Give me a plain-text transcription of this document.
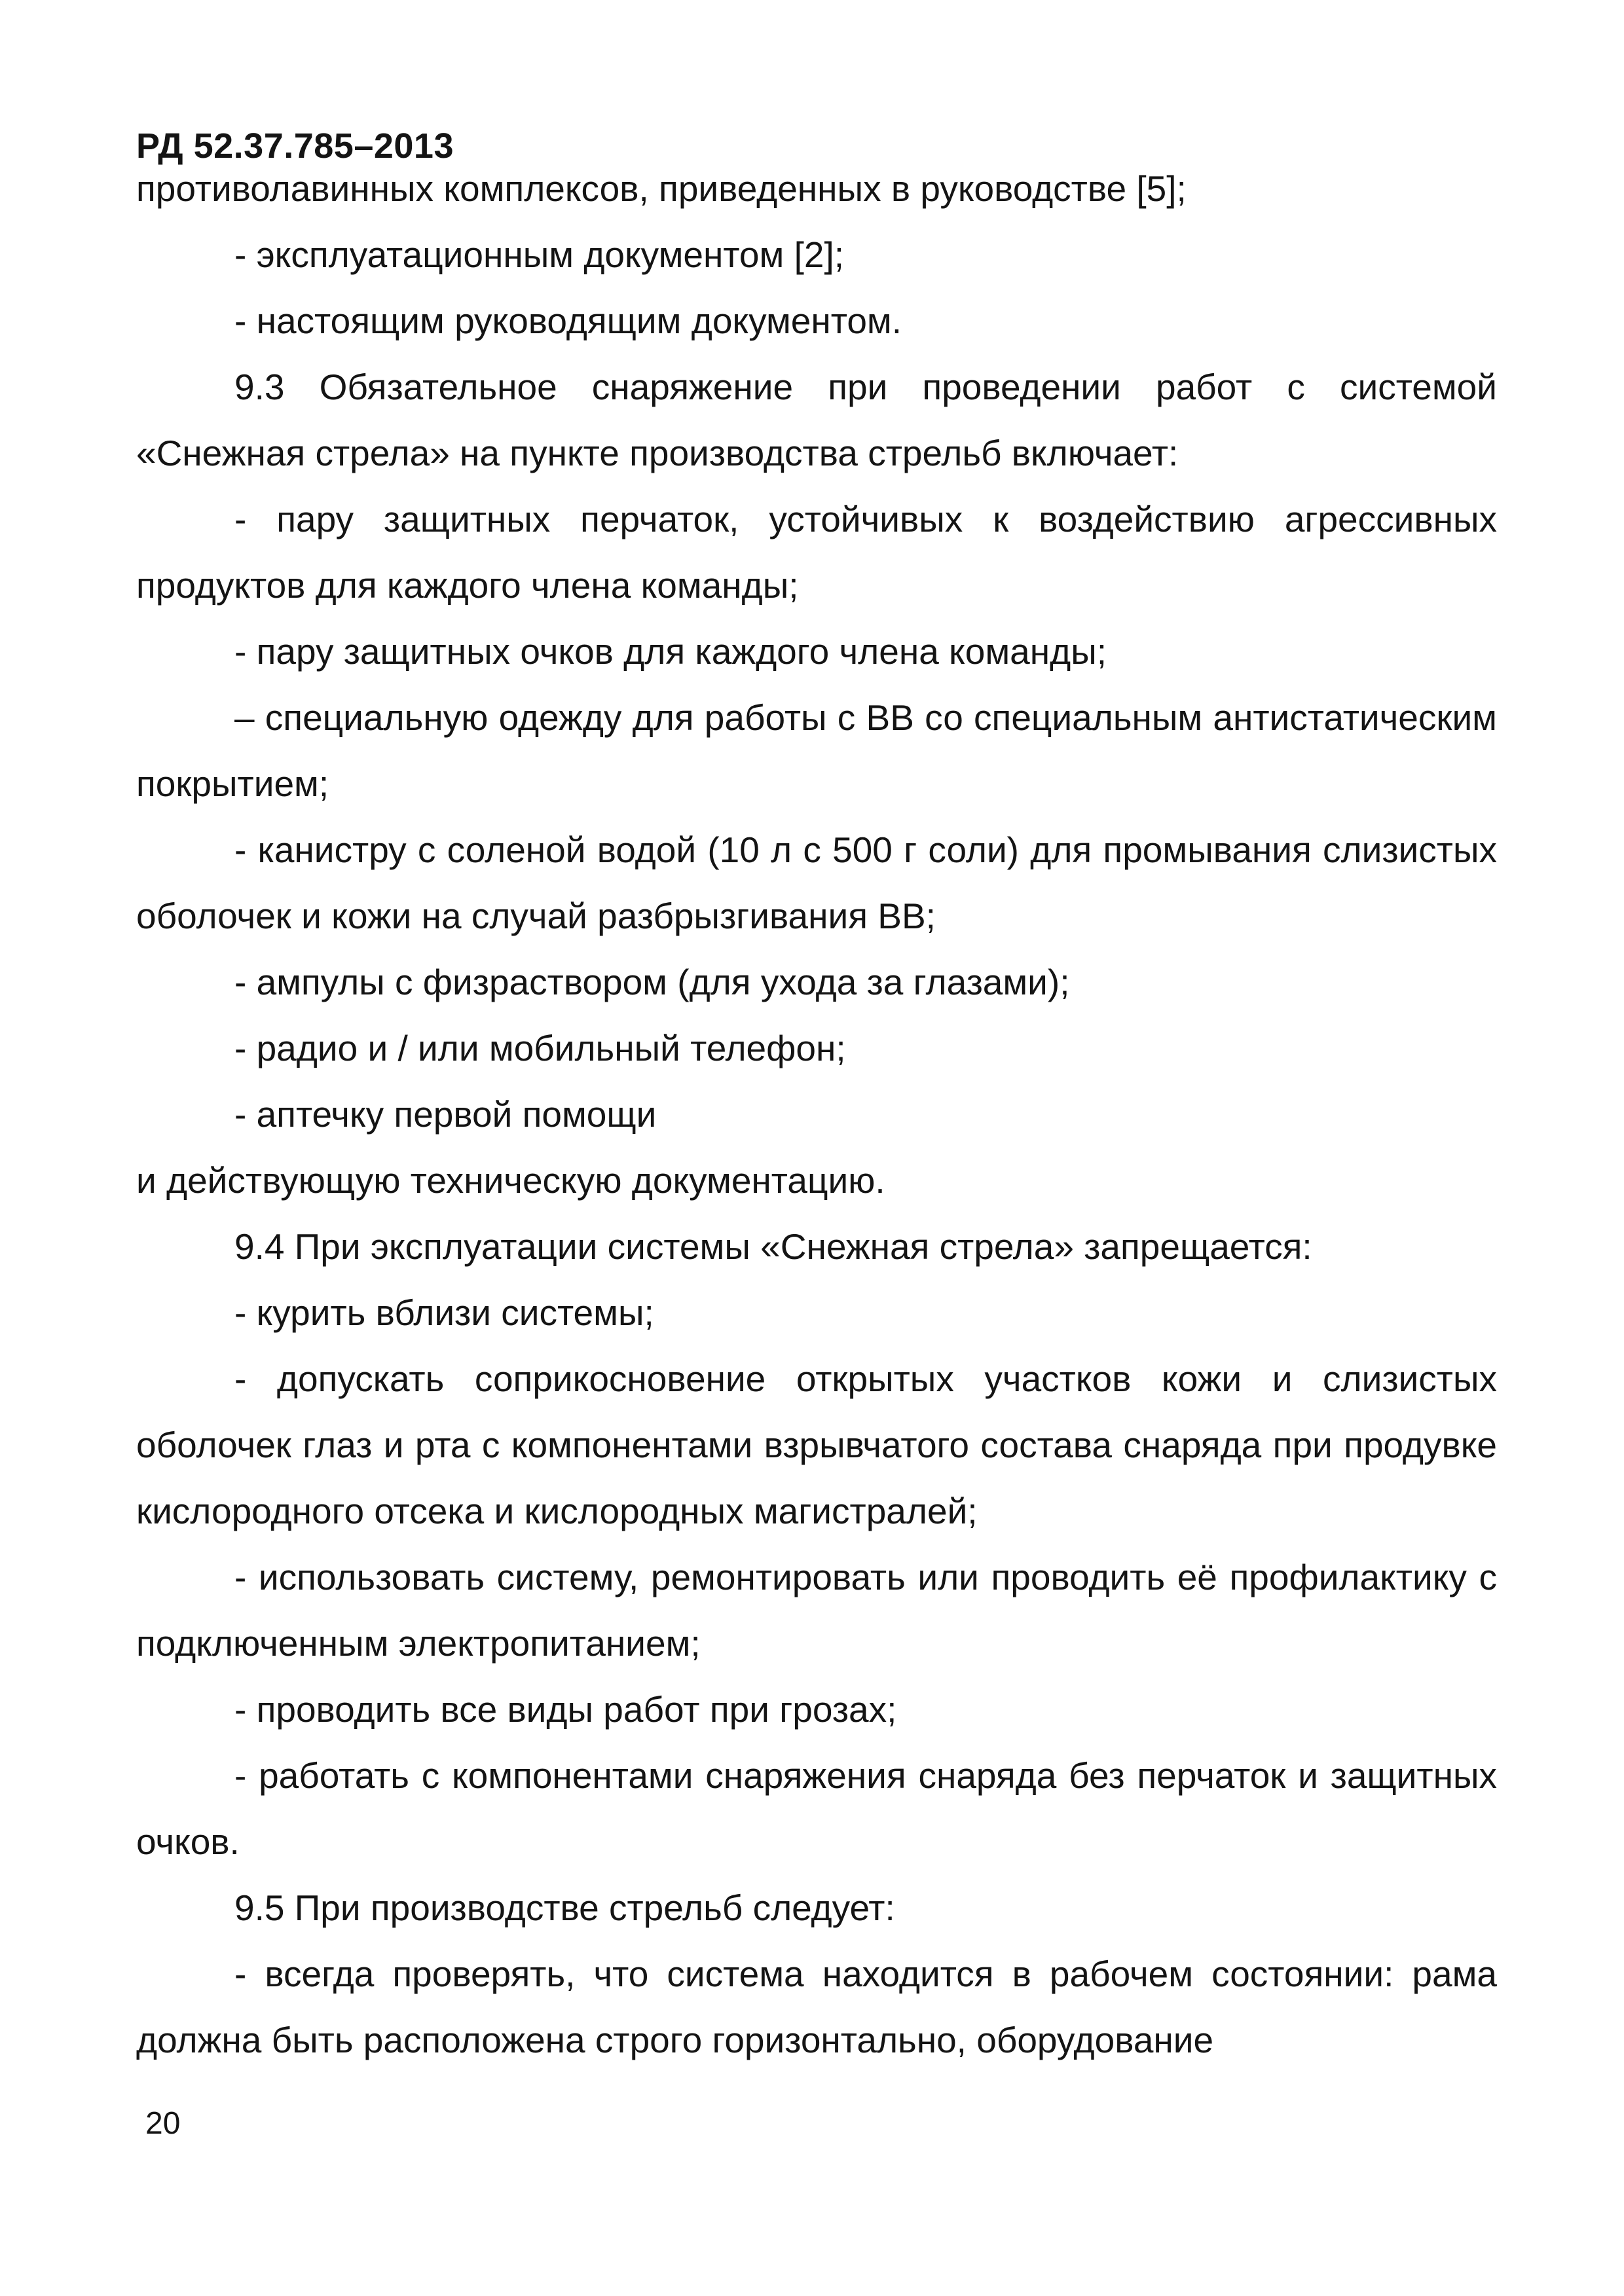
РД 52.37.785–2013

противолавинных комплексов, приведенных в руководстве [5];

- эксплуатационным документом [2];

- настоящим руководящим документом.

9.3 Обязательное снаряжение при проведении работ с системой «Снежная стрела» на пункте производства стрельб включает:

- пару защитных перчаток, устойчивых к воздействию агрессивных продуктов для каждого члена команды;

- пару защитных очков для каждого члена команды;

– специальную одежду для работы с ВВ со специальным антистатическим покрытием;

- канистру с соленой водой (10 л с 500 г соли) для промывания слизистых оболочек и кожи на случай разбрызгивания ВВ;

- ампулы с физраствором (для ухода за глазами);

- радио и / или мобильный телефон;

- аптечку первой помощи

и действующую техническую документацию.

9.4 При эксплуатации системы «Снежная стрела» запрещается:

- курить вблизи системы;

- допускать соприкосновение открытых участков кожи и слизистых оболочек глаз и рта с компонентами взрывчатого состава снаряда при продувке кислородного отсека и кислородных магистралей;

- использовать систему, ремонтировать или проводить её профилактику с подключенным электропитанием;

- проводить все виды работ при грозах;

- работать с компонентами снаряжения снаряда без перчаток и защитных очков.

9.5 При производстве стрельб следует:

- всегда проверять, что система находится в рабочем состоянии: рама должна быть расположена строго горизонтально, оборудование

20
